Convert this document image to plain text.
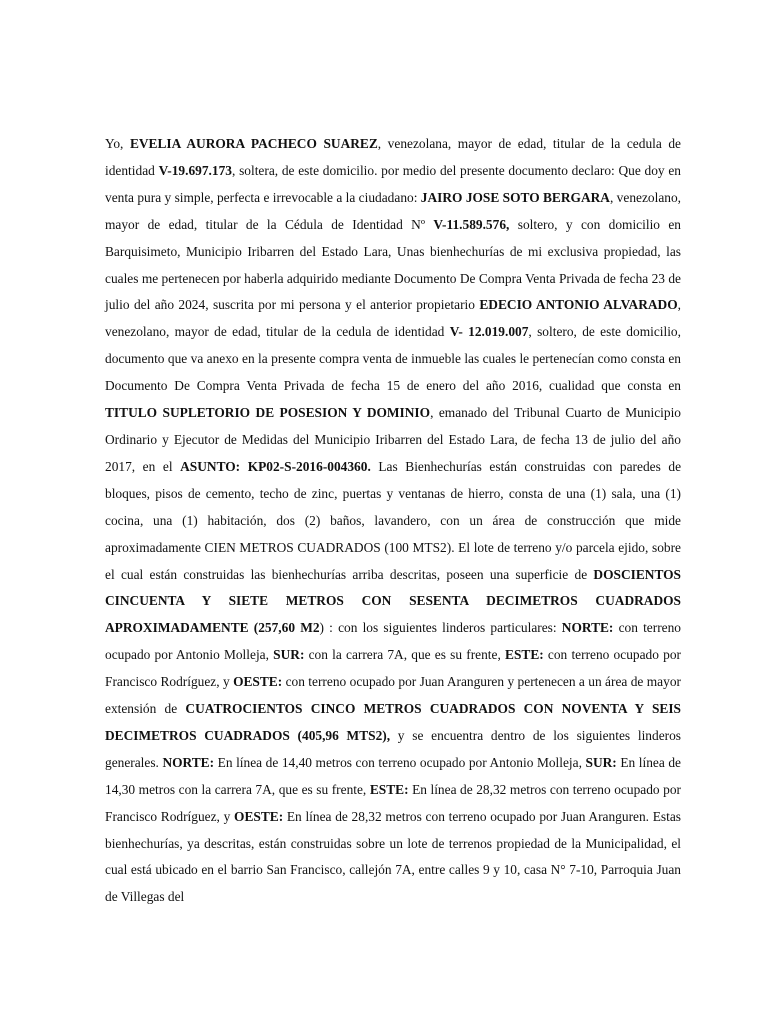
Yo, EVELIA AURORA PACHECO SUAREZ, venezolana, mayor de edad, titular de la cedula de identidad V-19.697.173, soltera, de este domicilio. por medio del presente documento declaro: Que doy en venta pura y simple, perfecta e irrevocable a la ciudadano: JAIRO JOSE SOTO BERGARA, venezolano, mayor de edad, titular de la Cédula de Identidad Nº V-11.589.576, soltero, y con domicilio en Barquisimeto, Municipio Iribarren del Estado Lara, Unas bienhechurías de mi exclusiva propiedad, las cuales me pertenecen por haberla adquirido mediante Documento De Compra Venta Privada de fecha 23 de julio del año 2024, suscrita por mi persona y el anterior propietario EDECIO ANTONIO ALVARADO, venezolano, mayor de edad, titular de la cedula de identidad V- 12.019.007, soltero, de este domicilio, documento que va anexo en la presente compra venta de inmueble las cuales le pertenecían como consta en Documento De Compra Venta Privada de fecha 15 de enero del año 2016, cualidad que consta en TITULO SUPLETORIO DE POSESION Y DOMINIO, emanado del Tribunal Cuarto de Municipio Ordinario y Ejecutor de Medidas del Municipio Iribarren del Estado Lara, de fecha 13 de julio del año 2017, en el ASUNTO: KP02-S-2016-004360. Las Bienhechurías están construidas con paredes de bloques, pisos de cemento, techo de zinc, puertas y ventanas de hierro, consta de una (1) sala, una (1) cocina, una (1) habitación, dos (2) baños, lavandero, con un área de construcción que mide aproximadamente CIEN METROS CUADRADOS (100 MTS2). El lote de terreno y/o parcela ejido, sobre el cual están construidas las bienhechurías arriba descritas, poseen una superficie de DOSCIENTOS CINCUENTA Y SIETE METROS CON SESENTA DECIMETROS CUADRADOS APROXIMADAMENTE (257,60 M2) : con los siguientes linderos particulares: NORTE: con terreno ocupado por Antonio Molleja, SUR: con la carrera 7A, que es su frente, ESTE: con terreno ocupado por Francisco Rodríguez, y OESTE: con terreno ocupado por Juan Aranguren y pertenecen a un área de mayor extensión de CUATROCIENTOS CINCO METROS CUADRADOS CON NOVENTA Y SEIS DECIMETROS CUADRADOS (405,96 MTS2), y se encuentra dentro de los siguientes linderos generales. NORTE: En línea de 14,40 metros con terreno ocupado por Antonio Molleja, SUR: En línea de 14,30 metros con la carrera 7A, que es su frente, ESTE: En línea de 28,32 metros con terreno ocupado por Francisco Rodríguez, y OESTE: En línea de 28,32 metros con terreno ocupado por Juan Aranguren. Estas bienhechurías, ya descritas, están construidas sobre un lote de terrenos propiedad de la Municipalidad, el cual está ubicado en el barrio San Francisco, callejón 7A, entre calles 9 y 10, casa N° 7-10, Parroquia Juan de Villegas del
